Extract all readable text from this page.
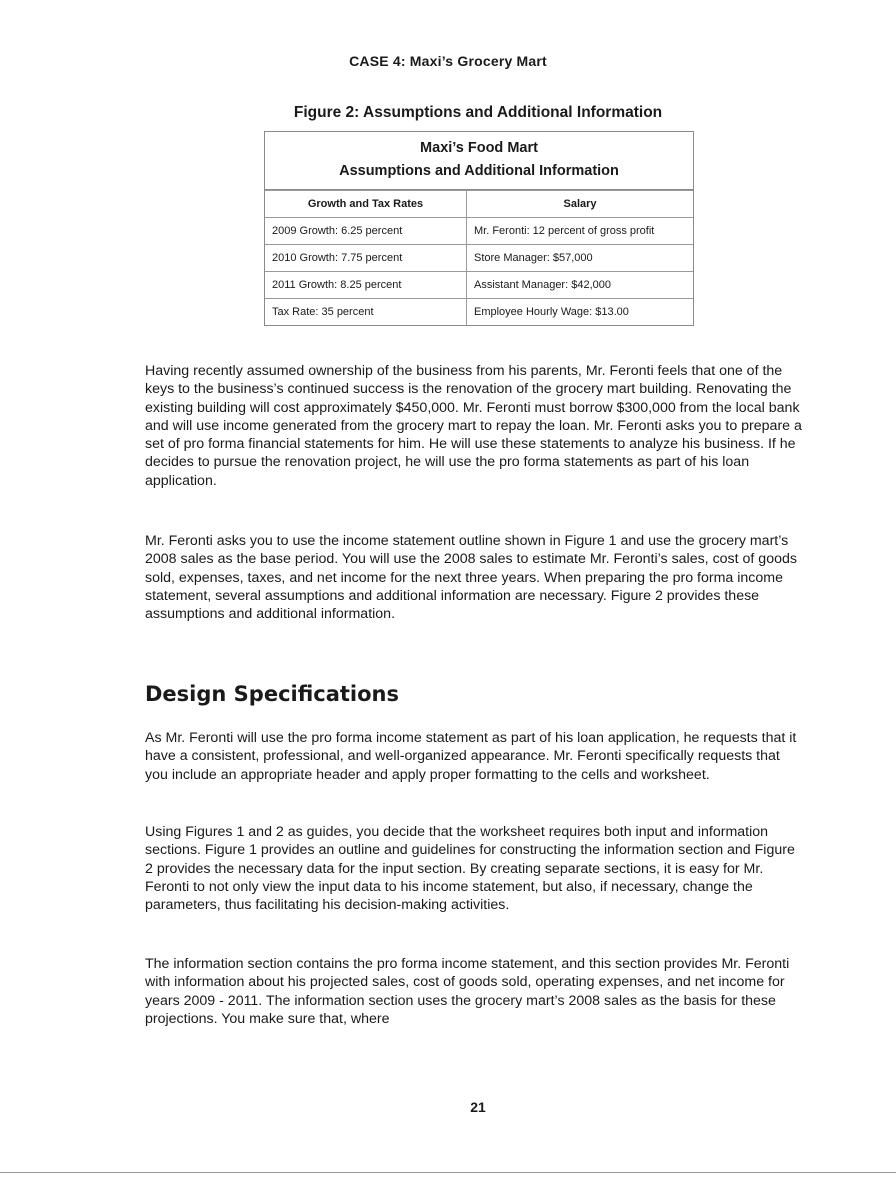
CASE 4: Maxi’s Grocery Mart
Figure 2: Assumptions and Additional Information
Maxi’s Food Mart
Assumptions and Additional Information
Growth and Tax Rates	Salary
2009 Growth: 6.25 percent	Mr. Feronti: 12 percent of gross profit
2010 Growth: 7.75 percent	Store Manager: $57,000
2011 Growth: 8.25 percent	Assistant Manager: $42,000
Tax Rate: 35 percent	Employee Hourly Wage: $13.00

Having recently assumed ownership of the business from his parents, Mr. Feronti feels that one of the keys to the business’s continued success is the renovation of the grocery mart building. Renovating the existing building will cost approximately $450,000. Mr. Feronti must borrow $300,000 from the local bank and will use income generated from the grocery mart to repay the loan. Mr. Feronti asks you to prepare a set of pro forma financial statements for him. He will use these statements to analyze his business. If he decides to pursue the renovation project, he will use the pro forma statements as part of his loan application.

Mr. Feronti asks you to use the income statement outline shown in Figure 1 and use the grocery mart’s 2008 sales as the base period. You will use the 2008 sales to estimate Mr. Feronti’s sales, cost of goods sold, expenses, taxes, and net income for the next three years. When preparing the pro forma income statement, several assumptions and additional information are necessary. Figure 2 provides these assumptions and additional information.

Design Specifications

As Mr. Feronti will use the pro forma income statement as part of his loan application, he requests that it have a consistent, professional, and well-organized appearance. Mr. Feronti specifically requests that you include an appropriate header and apply proper formatting to the cells and worksheet.

Using Figures 1 and 2 as guides, you decide that the worksheet requires both input and information sections. Figure 1 provides an outline and guidelines for constructing the information section and Figure 2 provides the necessary data for the input section. By creating separate sections, it is easy for Mr. Feronti to not only view the input data to his income statement, but also, if necessary, change the parameters, thus facilitating his decision-making activities.

The information section contains the pro forma income statement, and this section provides Mr. Feronti with information about his projected sales, cost of goods sold, operating expenses, and net income for years 2009 - 2011. The information section uses the grocery mart’s 2008 sales as the basis for these projections. You make sure that, where

21
